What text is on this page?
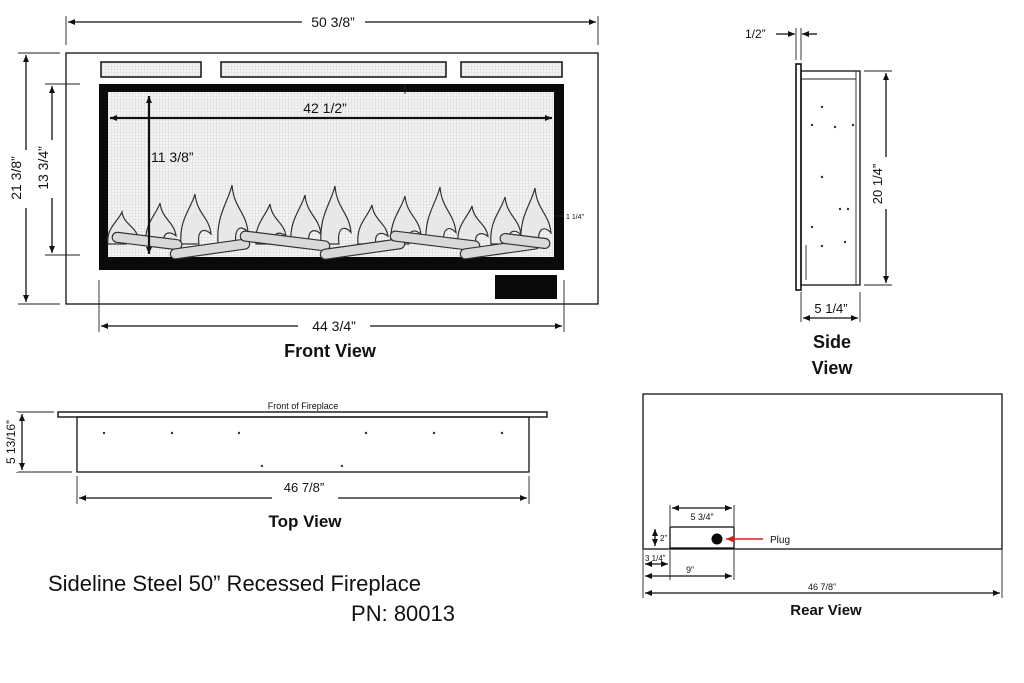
50 3/8”
21 3/8” 13 3/4”
42 1/2”
11 3/8”
1 1/4”
1 1/4”
44 3/4”
Front View
1/2”
20 1/4”
5 1/4”
Side
View
Front of Fireplace
5 13/16”
46 7/8”
Top View
Plug
5 3/4”
2”
3 1/4”
9”
46 7/8”
Rear View
Sideline Steel 50” Recessed Fireplace
PN: 80013
